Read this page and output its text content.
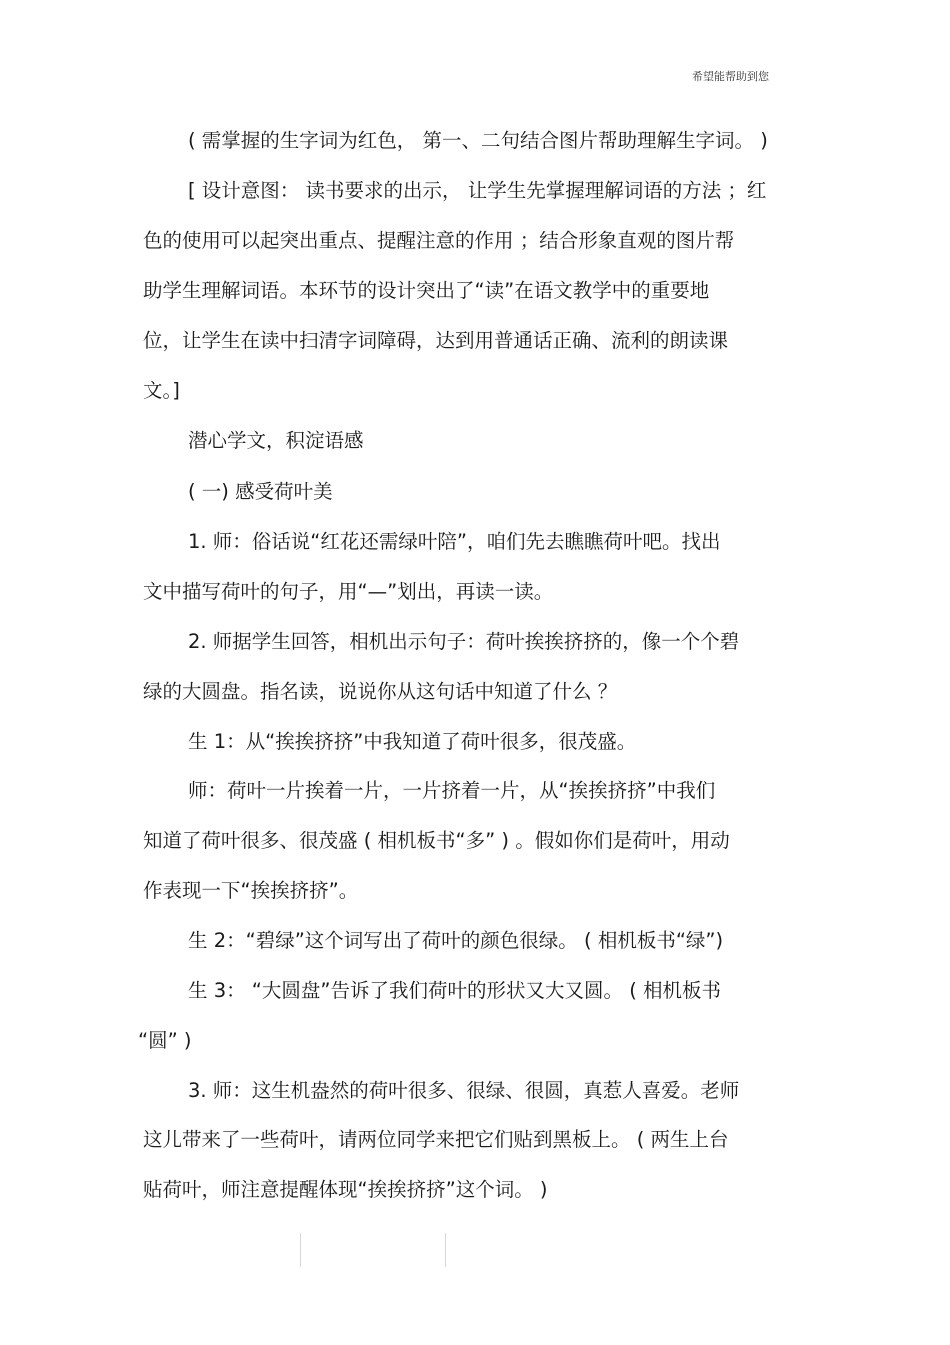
希望能帮助到您
( 需掌握的生字词为红色， 第一、二句结合图片帮助理解生字词。 )
[ 设计意图： 读书要求的出示， 让学生先掌握理解词语的方法 ；红
色的使用可以起突出重点、提醒注意的作用 ；结合形象直观的图片帮
助学生理解词语。本环节的设计突出了“读”在语文教学中的重要地
位，让学生在读中扫清字词障碍，达到用普通话正确、流利的朗读课
文。]
潜心学文，积淀语感
( 一) 感受荷叶美
1. 师：俗话说“红花还需绿叶陪”，咱们先去瞧瞧荷叶吧。找出
文中描写荷叶的句子，用“—”划出，再读一读。
2. 师据学生回答，相机出示句子：荷叶挨挨挤挤的，像一个个碧
绿的大圆盘。指名读，说说你从这句话中知道了什么 ？
生 1：从“挨挨挤挤”中我知道了荷叶很多，很茂盛。
师：荷叶一片挨着一片，一片挤着一片，从“挨挨挤挤”中我们
知道了荷叶很多、很茂盛 ( 相机板书“多” ) 。假如你们是荷叶，用动
作表现一下“挨挨挤挤”。
生 2：“碧绿”这个词写出了荷叶的颜色很绿。 ( 相机板书“绿”)
生 3： “大圆盘”告诉了我们荷叶的形状又大又圆。 ( 相机板书
“圆” )
3. 师：这生机盎然的荷叶很多、很绿、很圆，真惹人喜爱。老师
这儿带来了一些荷叶，请两位同学来把它们贴到黑板上。 ( 两生上台
贴荷叶，师注意提醒体现“挨挨挤挤”这个词。 )
